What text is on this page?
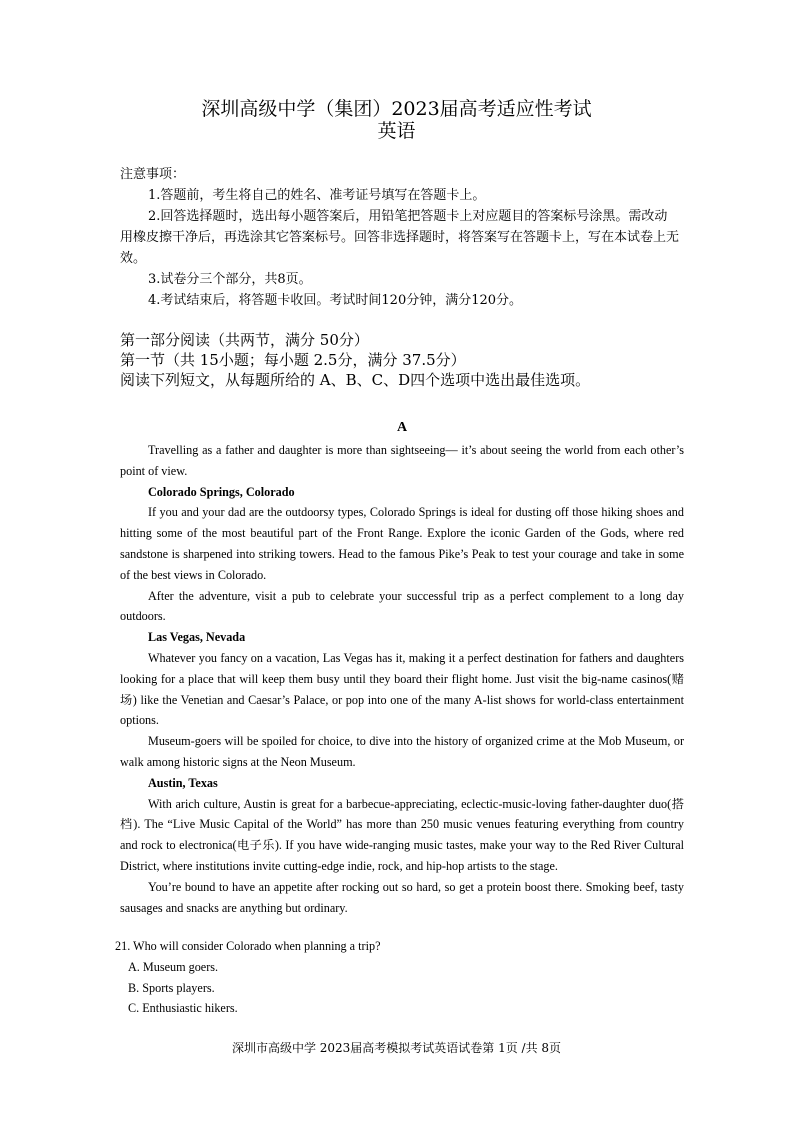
深圳高级中学（集团）2023届高考适应性考试
英语
注意事项：
1.答题前，考生将自己的姓名、准考证号填写在答题卡上。
2.回答选择题时，选出每小题答案后，用铅笔把答题卡上对应题目的答案标号涂黑。需改动用橡皮擦干净后，再选涂其它答案标号。回答非选择题时，将答案写在答题卡上，写在本试卷上无效。
3.试卷分三个部分，共8页。
4.考试结束后，将答题卡收回。考试时间120分钟，满分120分。
第一部分阅读（共两节，满分 50分）
第一节（共 15小题；每小题 2.5分，满分 37.5分）
阅读下列短文，从每题所给的 A、B、C、D四个选项中选出最佳选项。
A

Travelling as a father and daughter is more than sightseeing— it’s about seeing the world from each other’s point of view.

Colorado Springs, Colorado

If you and your dad are the outdoorsy types, Colorado Springs is ideal for dusting off those hiking shoes and hitting some of the most beautiful part of the Front Range. Explore the iconic Garden of the Gods, where red sandstone is sharpened into striking towers. Head to the famous Pike’s Peak to test your courage and take in some of the best views in Colorado.

After the adventure, visit a pub to celebrate your successful trip as a perfect complement to a long day outdoors.

Las Vegas, Nevada

Whatever you fancy on a vacation, Las Vegas has it, making it a perfect destination for fathers and daughters looking for a place that will keep them busy until they board their flight home. Just visit the big-name casinos(赌场) like the Venetian and Caesar’s Palace, or pop into one of the many A-list shows for world-class entertainment options.

Museum-goers will be spoiled for choice, to dive into the history of organized crime at the Mob Museum, or walk among historic signs at the Neon Museum.

Austin, Texas

With arich culture, Austin is great for a barbecue-appreciating, eclectic-music-loving father-daughter duo(搭档). The “Live Music Capital of the World” has more than 250 music venues featuring everything from country and rock to electronica(电子乐). If you have wide-ranging music tastes, make your way to the Red River Cultural District, where institutions invite cutting-edge indie, rock, and hip-hop artists to the stage.

You’re bound to have an appetite after rocking out so hard, so get a protein boost there. Smoking beef, tasty sausages and snacks are anything but ordinary.

21. Who will consider Colorado when planning a trip?
A. Museum goers.
B. Sports players.
C. Enthusiastic hikers.
深圳市高级中学 2023届高考模拟考试英语试卷第 1页 /共 8页
